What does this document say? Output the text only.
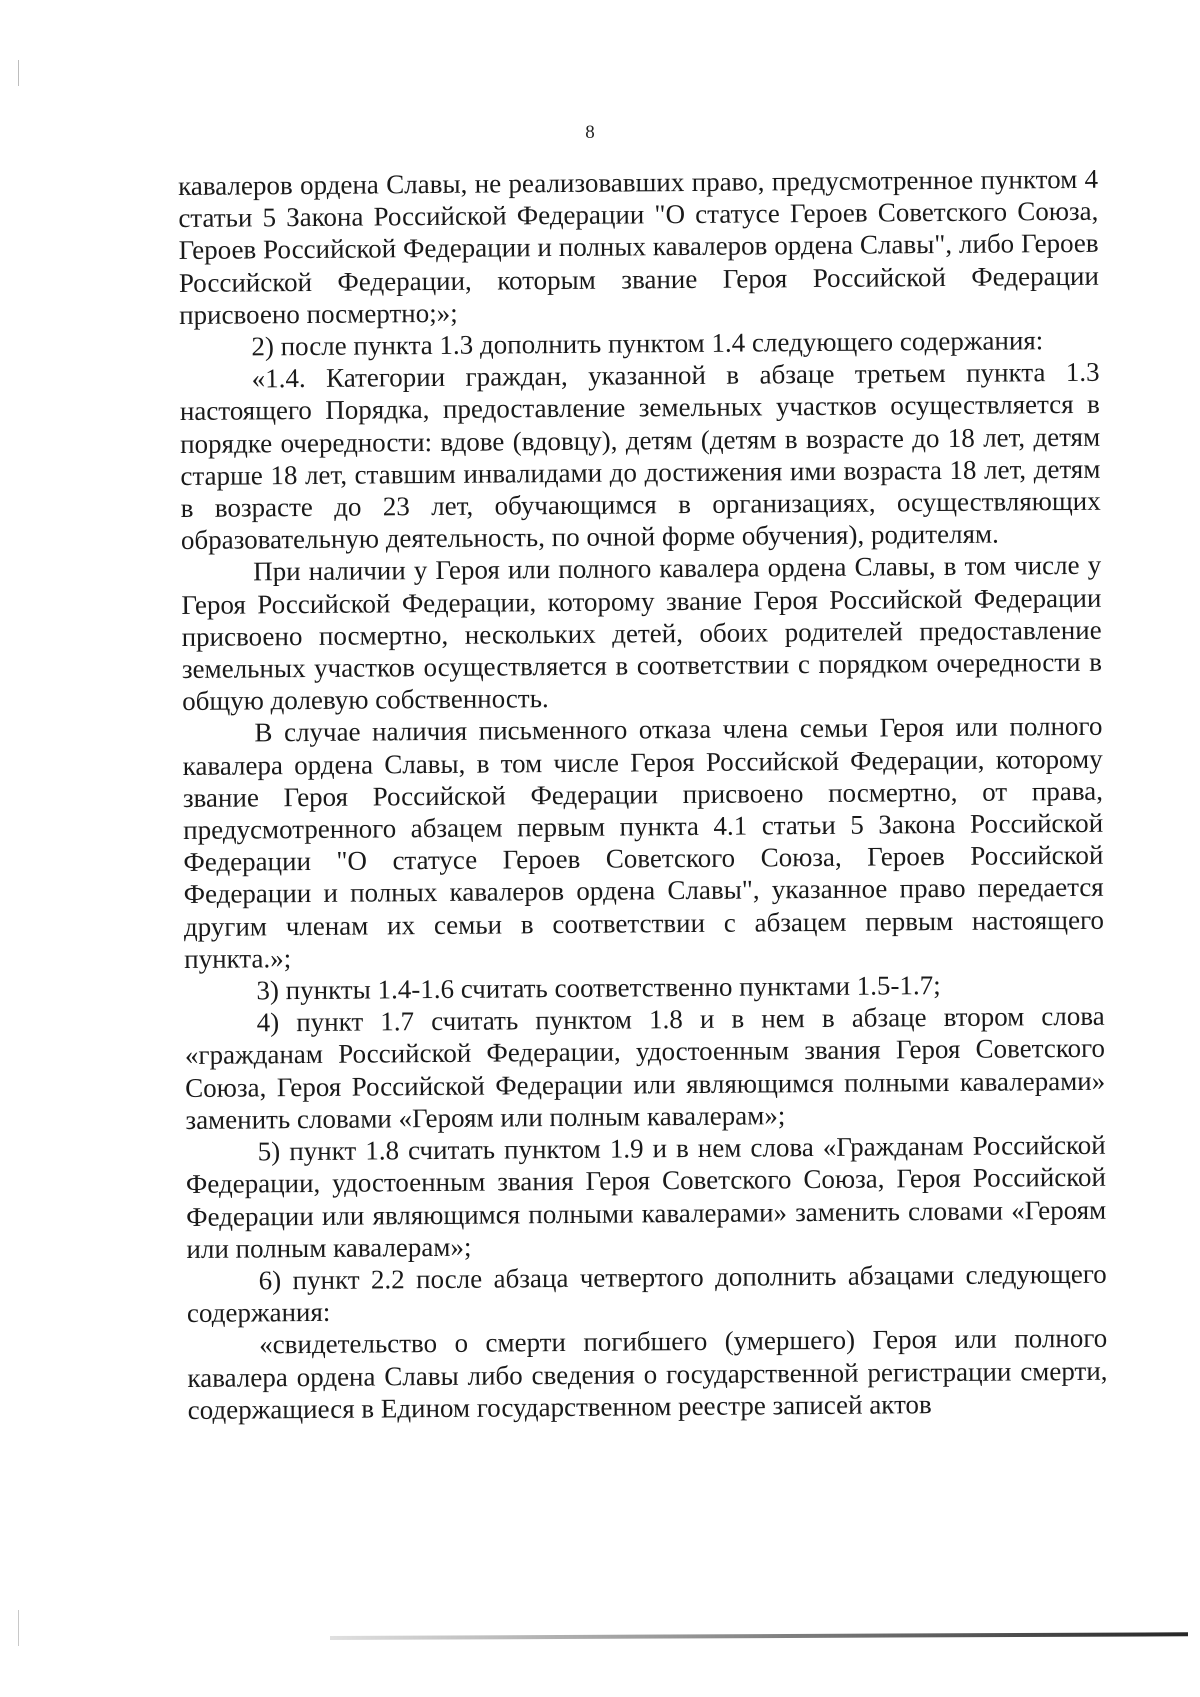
8

кавалеров ордена Славы, не реализовавших право, предусмотренное пунктом 4 статьи 5 Закона Российской Федерации "О статусе Героев Советского Союза, Героев Российской Федерации и полных кавалеров ордена Славы", либо Героев Российской Федерации, которым звание Героя Российской Федерации присвоено посмертно;»;

2) после пункта 1.3 дополнить пунктом 1.4 следующего содержания:

«1.4. Категории граждан, указанной в абзаце третьем пункта 1.3 настоящего Порядка, предоставление земельных участков осуществляется в порядке очередности: вдове (вдовцу), детям (детям в возрасте до 18 лет, детям старше 18 лет, ставшим инвалидами до достижения ими возраста 18 лет, детям в возрасте до 23 лет, обучающимся в организациях, осуществляющих образовательную деятельность, по очной форме обучения), родителям.

При наличии у Героя или полного кавалера ордена Славы, в том числе у Героя Российской Федерации, которому звание Героя Российской Федерации присвоено посмертно, нескольких детей, обоих родителей предоставление земельных участков осуществляется в соответствии с порядком очередности в общую долевую собственность.

В случае наличия письменного отказа члена семьи Героя или полного кавалера ордена Славы, в том числе Героя Российской Федерации, которому звание Героя Российской Федерации присвоено посмертно, от права, предусмотренного абзацем первым пункта 4.1 статьи 5 Закона Российской Федерации "О статусе Героев Советского Союза, Героев Российской Федерации и полных кавалеров ордена Славы", указанное право передается другим членам их семьи в соответствии с абзацем первым настоящего пункта.»;

3) пункты 1.4-1.6 считать соответственно пунктами 1.5-1.7;

4) пункт 1.7 считать пунктом 1.8 и в нем в абзаце втором слова «гражданам Российской Федерации, удостоенным звания Героя Советского Союза, Героя Российской Федерации или являющимся полными кавалерами» заменить словами «Героям или полным кавалерам»;

5) пункт 1.8 считать пунктом 1.9 и в нем слова «Гражданам Российской Федерации, удостоенным звания Героя Советского Союза, Героя Российской Федерации или являющимся полными кавалерами» заменить словами «Героям или полным кавалерам»;

6) пункт 2.2 после абзаца четвертого дополнить абзацами следующего содержания:

«свидетельство о смерти погибшего (умершего) Героя или полного кавалера ордена Славы либо сведения о государственной регистрации смерти, содержащиеся в Едином государственном реестре записей актов
